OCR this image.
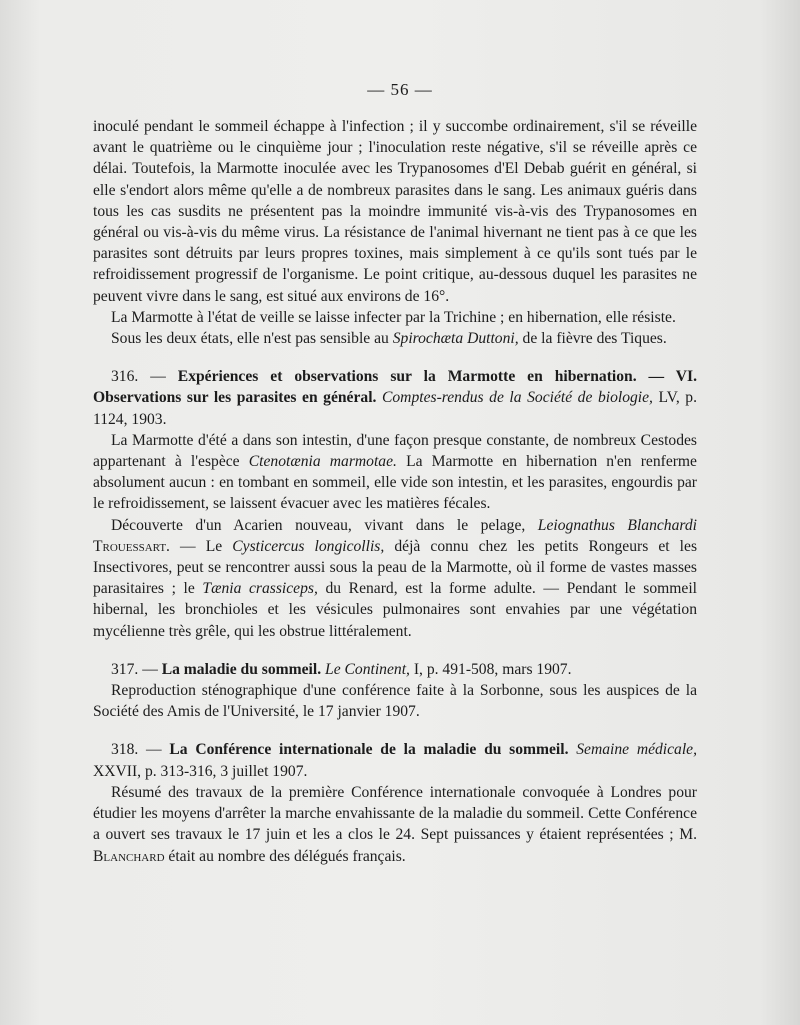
— 56 —

inoculé pendant le sommeil échappe à l'infection ; il y succombe ordinairement, s'il se réveille avant le quatrième ou le cinquième jour ; l'inoculation reste négative, s'il se réveille après ce délai. Toutefois, la Marmotte inoculée avec les Trypanosomes d'El Debab guérit en général, si elle s'endort alors même qu'elle a de nombreux parasites dans le sang. Les animaux guéris dans tous les cas susdits ne présentent pas la moindre immunité vis-à-vis des Trypanosomes en général ou vis-à-vis du même virus. La résistance de l'animal hivernant ne tient pas à ce que les parasites sont détruits par leurs propres toxines, mais simplement à ce qu'ils sont tués par le refroidissement progressif de l'organisme. Le point critique, au-dessous duquel les parasites ne peuvent vivre dans le sang, est situé aux environs de 16°.

La Marmotte à l'état de veille se laisse infecter par la Trichine ; en hibernation, elle résiste.

Sous les deux états, elle n'est pas sensible au Spirochæta Duttoni, de la fièvre des Tiques.

316. — Expériences et observations sur la Marmotte en hibernation. — VI. Observations sur les parasites en général. Comptes-rendus de la Société de biologie, LV, p. 1124, 1903.

La Marmotte d'été a dans son intestin, d'une façon presque constante, de nombreux Cestodes appartenant à l'espèce Ctenotænia marmotae. La Marmotte en hibernation n'en renferme absolument aucun : en tombant en sommeil, elle vide son intestin, et les parasites, engourdis par le refroidissement, se laissent évacuer avec les matières fécales.

Découverte d'un Acarien nouveau, vivant dans le pelage, Leiognathus Blanchardi Trouessart. — Le Cysticercus longicollis, déjà connu chez les petits Rongeurs et les Insectivores, peut se rencontrer aussi sous la peau de la Marmotte, où il forme de vastes masses parasitaires ; le Tænia crassiceps, du Renard, est la forme adulte. — Pendant le sommeil hibernal, les bronchioles et les vésicules pulmonaires sont envahies par une végétation mycélienne très grêle, qui les obstrue littéralement.

317. — La maladie du sommeil. Le Continent, I, p. 491-508, mars 1907.

Reproduction sténographique d'une conférence faite à la Sorbonne, sous les auspices de la Société des Amis de l'Université, le 17 janvier 1907.

318. — La Conférence internationale de la maladie du sommeil. Semaine médicale, XXVII, p. 313-316, 3 juillet 1907.

Résumé des travaux de la première Conférence internationale convoquée à Londres pour étudier les moyens d'arrêter la marche envahissante de la maladie du sommeil. Cette Conférence a ouvert ses travaux le 17 juin et les a clos le 24. Sept puissances y étaient représentées ; M. Blanchard était au nombre des délégués français.
